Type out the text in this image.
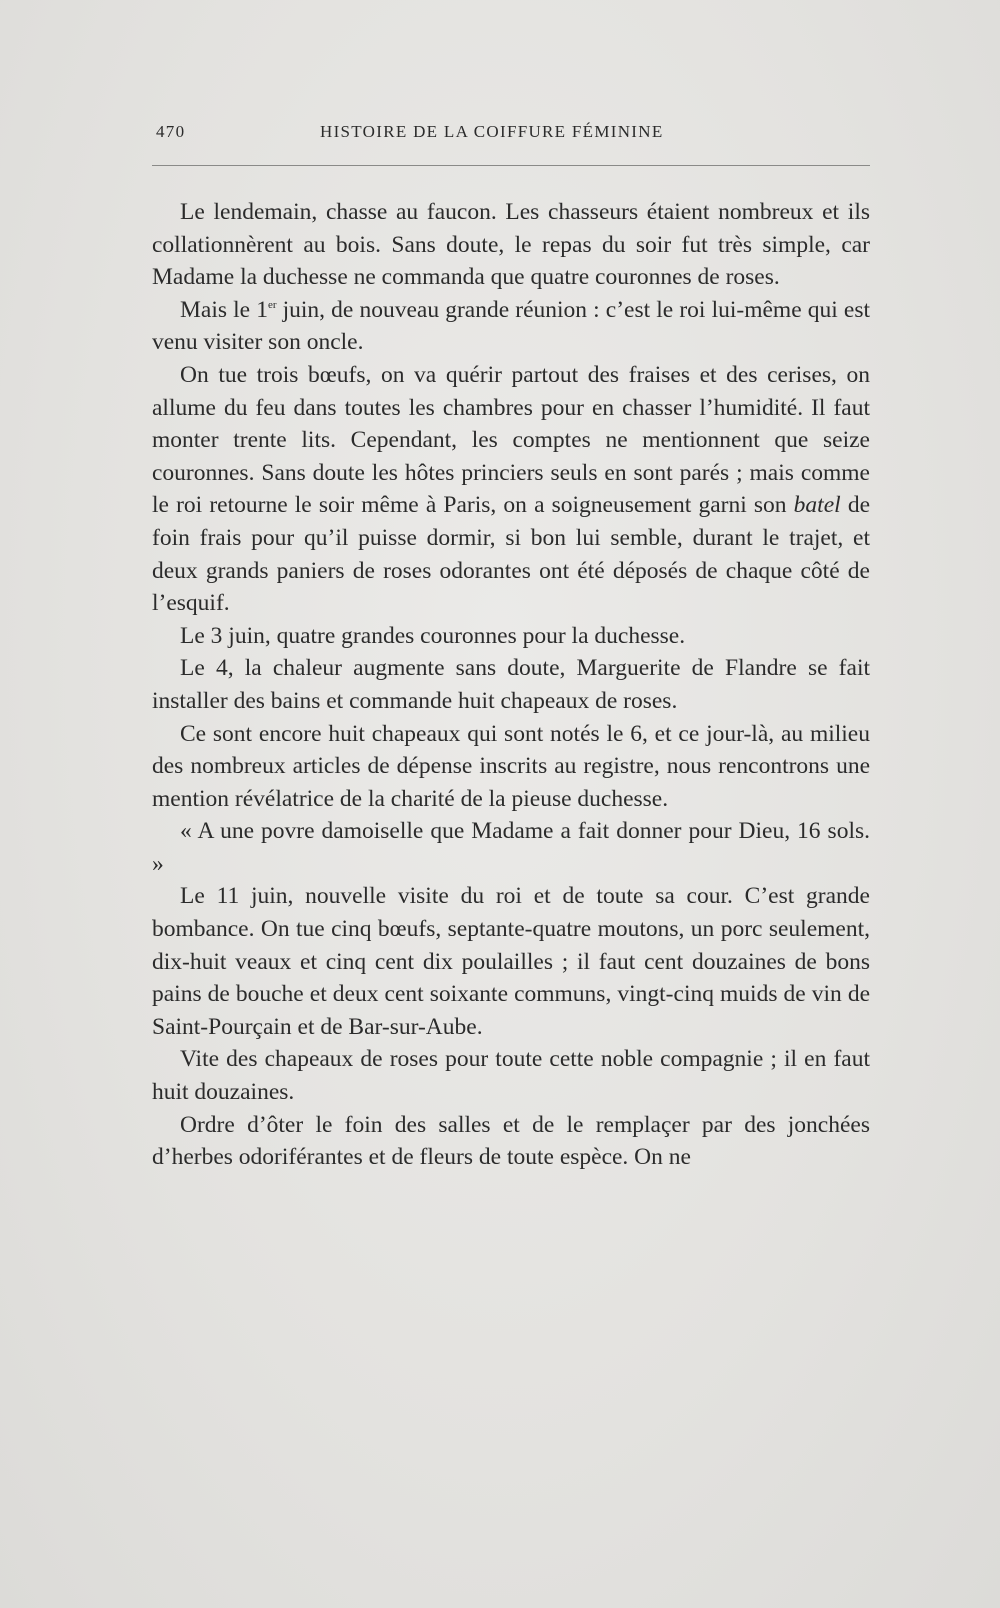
470	HISTOIRE DE LA COIFFURE FÉMININE

Le lendemain, chasse au faucon. Les chasseurs étaient nombreux et ils collationnèrent au bois. Sans doute, le repas du soir fut très simple, car Madame la duchesse ne commanda que quatre couronnes de roses.

Mais le 1er juin, de nouveau grande réunion : c’est le roi lui-même qui est venu visiter son oncle.

On tue trois bœufs, on va quérir partout des fraises et des cerises, on allume du feu dans toutes les chambres pour en chasser l’humidité. Il faut monter trente lits. Cependant, les comptes ne mentionnent que seize couronnes. Sans doute les hôtes princiers seuls en sont parés ; mais comme le roi retourne le soir même à Paris, on a soigneusement garni son batel de foin frais pour qu’il puisse dormir, si bon lui semble, durant le trajet, et deux grands paniers de roses odorantes ont été déposés de chaque côté de l’esquif.

Le 3 juin, quatre grandes couronnes pour la duchesse.

Le 4, la chaleur augmente sans doute, Marguerite de Flandre se fait installer des bains et commande huit chapeaux de roses.

Ce sont encore huit chapeaux qui sont notés le 6, et ce jour-là, au milieu des nombreux articles de dépense inscrits au registre, nous rencontrons une mention révélatrice de la charité de la pieuse duchesse.

« A une povre damoiselle que Madame a fait donner pour Dieu, 16 sols. »

Le 11 juin, nouvelle visite du roi et de toute sa cour. C’est grande bombance. On tue cinq bœufs, septante-quatre moutons, un porc seulement, dix-huit veaux et cinq cent dix poulailles ; il faut cent douzaines de bons pains de bouche et deux cent soixante communs, vingt-cinq muids de vin de Saint-Pourçain et de Bar-sur-Aube.

Vite des chapeaux de roses pour toute cette noble compagnie ; il en faut huit douzaines.

Ordre d’ôter le foin des salles et de le remplaçer par des jonchées d’herbes odoriférantes et de fleurs de toute espèce. On ne
